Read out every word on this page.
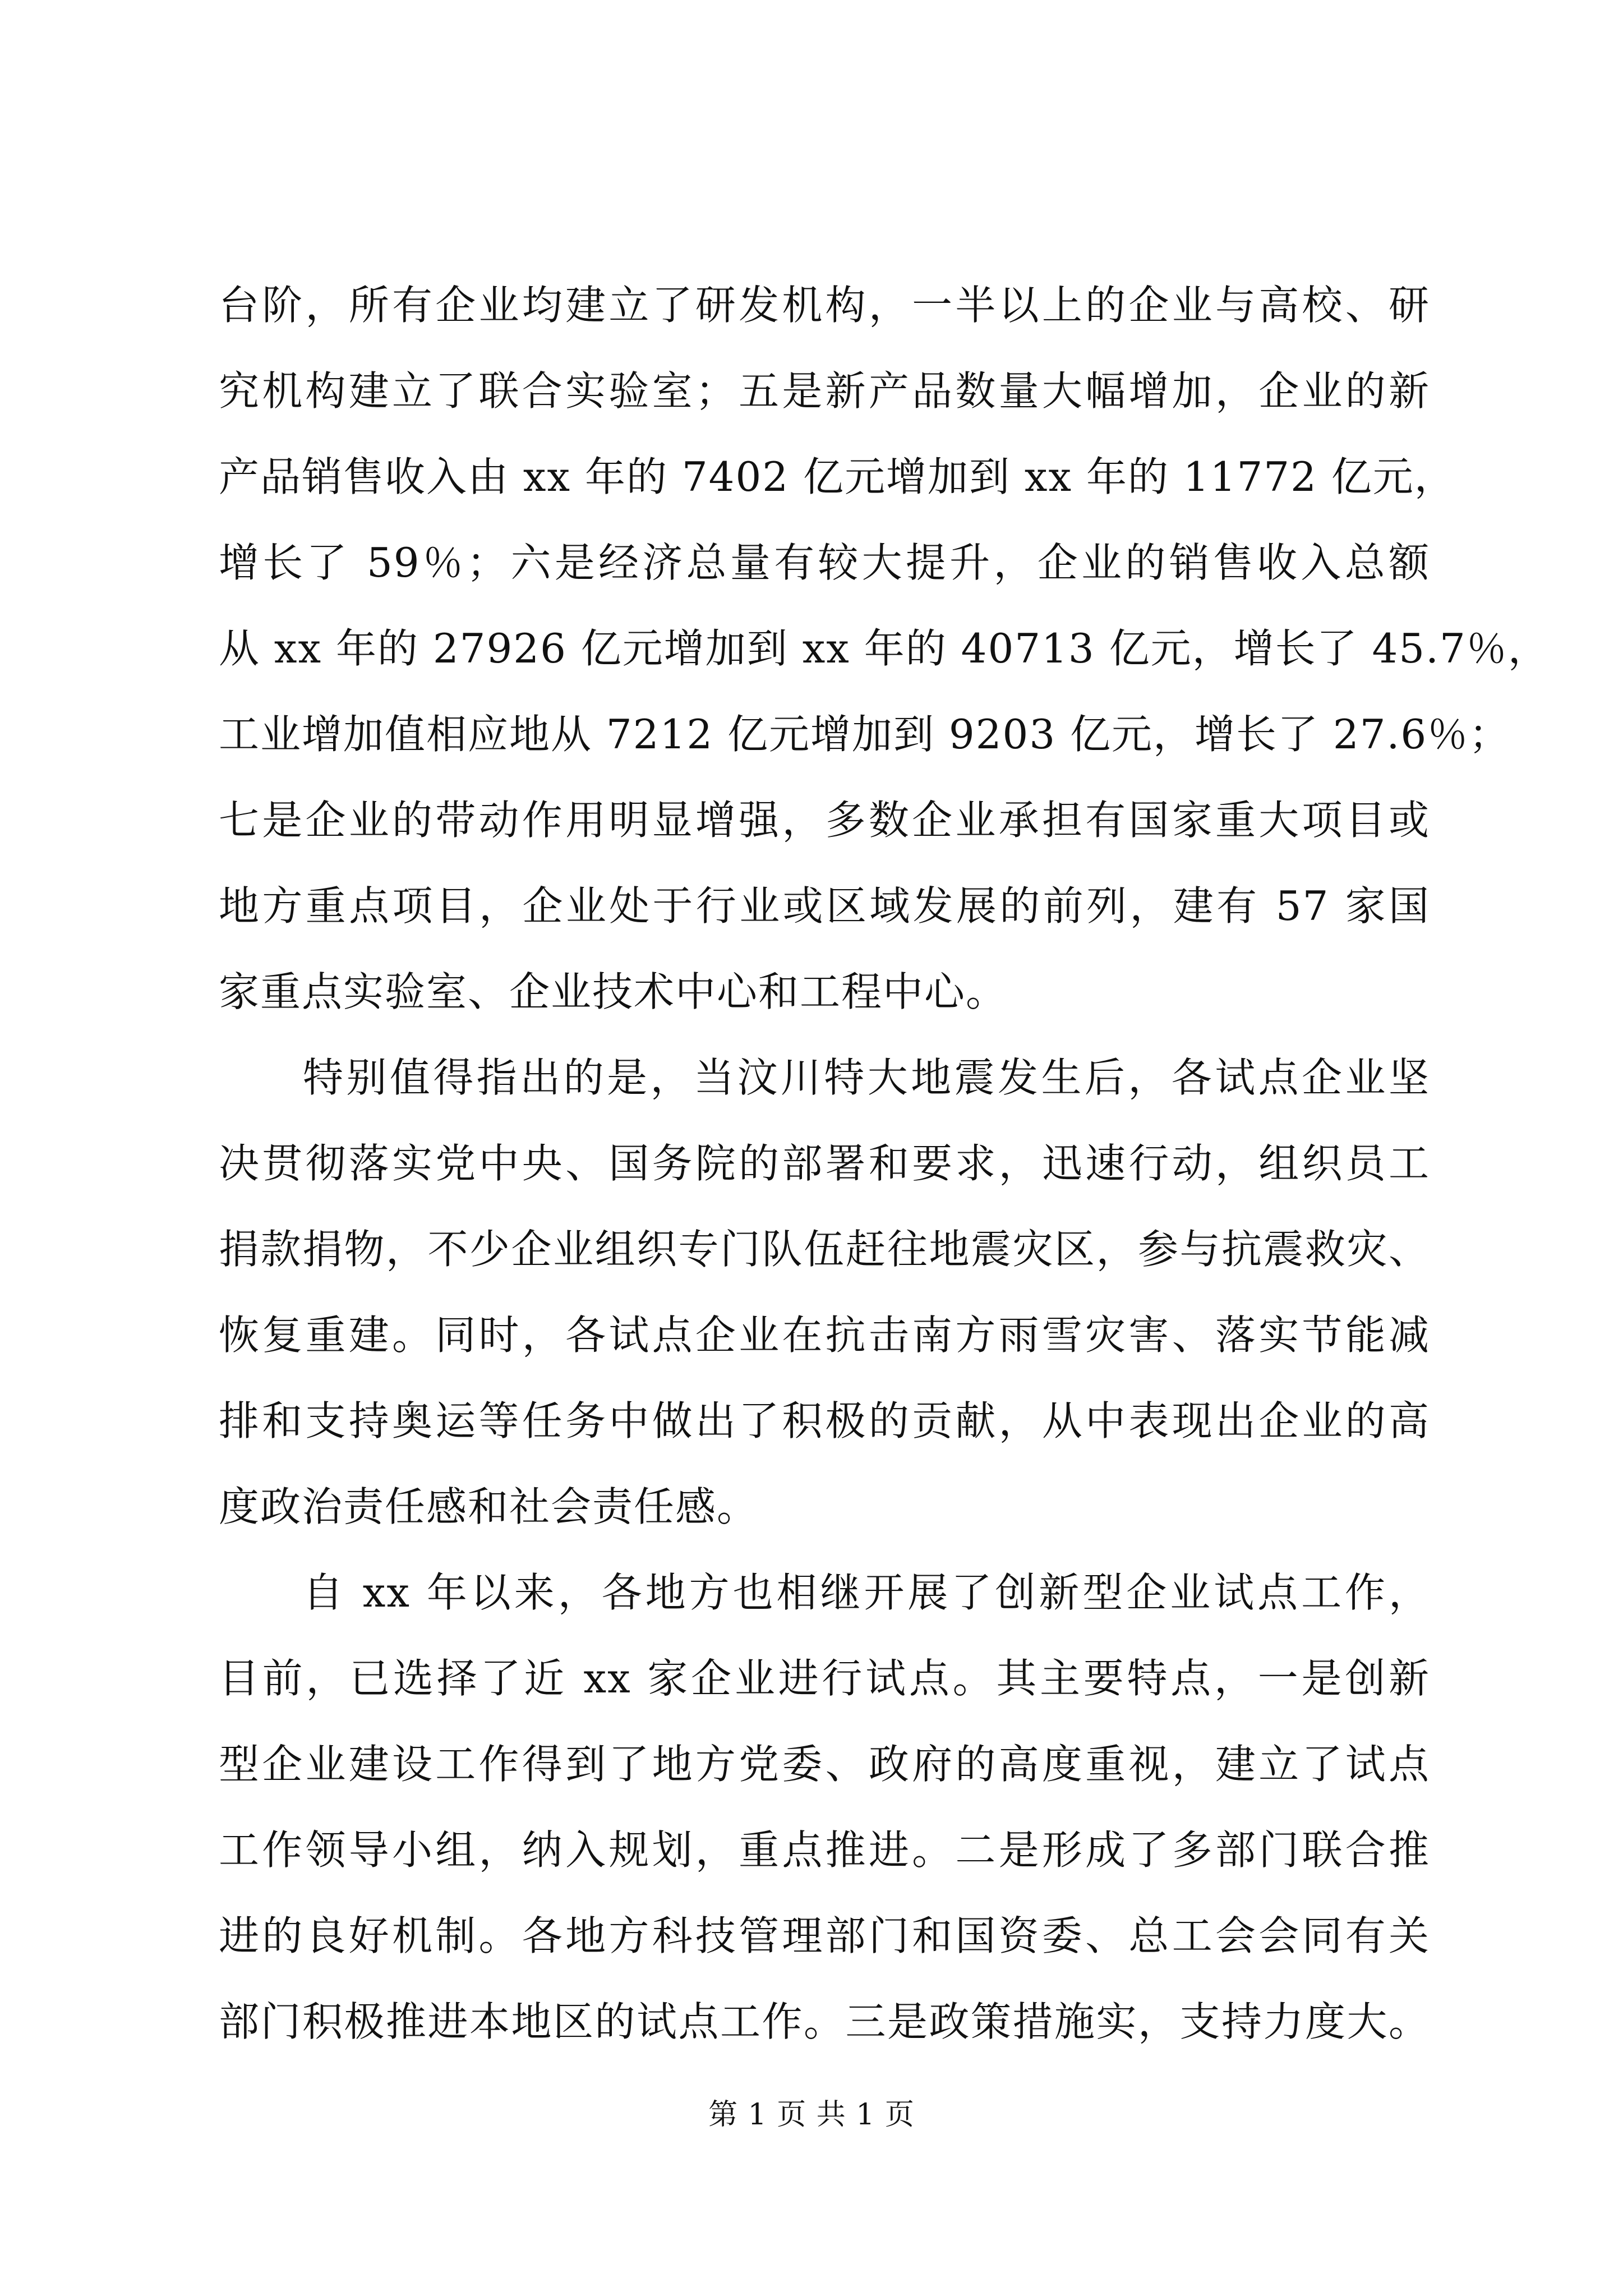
台阶，所有企业均建立了研发机构，一半以上的企业与高校、研
究机构建立了联合实验室；五是新产品数量大幅增加，企业的新
产品销售收入由 xx 年的 7402 亿元增加到 xx 年的 11772 亿元，
增长了 59％；六是经济总量有较大提升，企业的销售收入总额
从 xx 年的 27926 亿元增加到 xx 年的 40713 亿元，增长了 45.7％，
工业增加值相应地从 7212 亿元增加到 9203 亿元，增长了 27.6％；
七是企业的带动作用明显增强，多数企业承担有国家重大项目或
地方重点项目，企业处于行业或区域发展的前列，建有 57 家国
家重点实验室、企业技术中心和工程中心。
特别值得指出的是，当汶川特大地震发生后，各试点企业坚
决贯彻落实党中央、国务院的部署和要求，迅速行动，组织员工
捐款捐物，不少企业组织专门队伍赶往地震灾区，参与抗震救灾、
恢复重建。同时，各试点企业在抗击南方雨雪灾害、落实节能减
排和支持奥运等任务中做出了积极的贡献，从中表现出企业的高
度政治责任感和社会责任感。
自 xx 年以来，各地方也相继开展了创新型企业试点工作，
目前，已选择了近 xx 家企业进行试点。其主要特点，一是创新
型企业建设工作得到了地方党委、政府的高度重视，建立了试点
工作领导小组，纳入规划，重点推进。二是形成了多部门联合推
进的良好机制。各地方科技管理部门和国资委、总工会会同有关
部门积极推进本地区的试点工作。三是政策措施实，支持力度大。
第 1 页 共 1 页
